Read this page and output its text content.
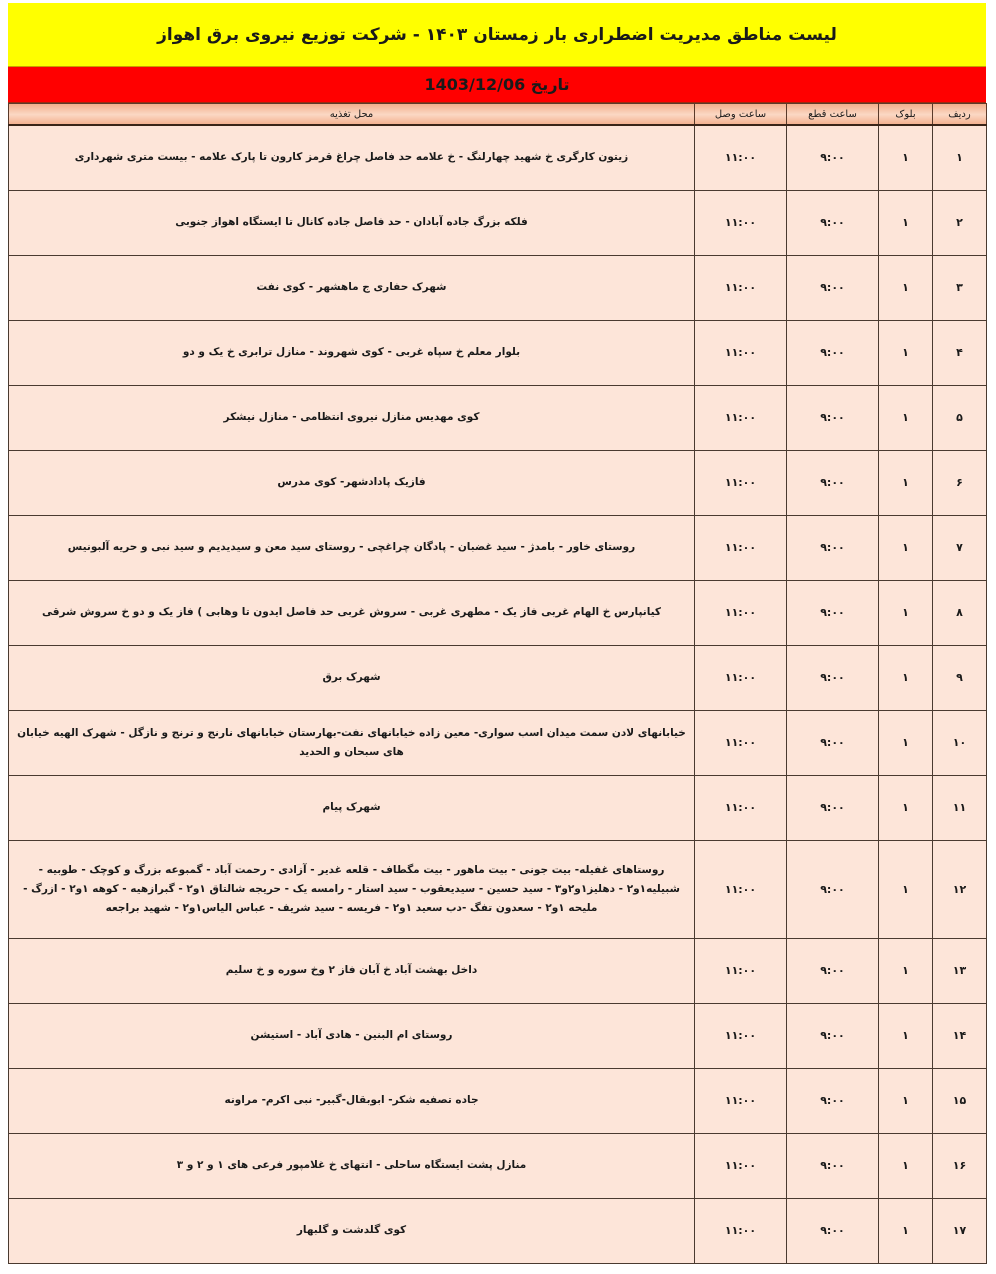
لیست مناطق مدیریت اضطراری بار زمستان ۱۴۰۳ - شرکت توزیع نیروی برق اهواز
تاریخ 1403/12/06
ردیف	بلوک	ساعت قطع	ساعت وصل	محل تغذیه
۱	۱	۹:۰۰	۱۱:۰۰	زیتون کارگری خ شهید چهارلنگ - خ علامه حد فاصل چراغ قرمز کارون تا پارک علامه - بیست متری شهرداری
۲	۱	۹:۰۰	۱۱:۰۰	فلکه بزرگ جاده آبادان - حد فاصل جاده کانال تا ایستگاه اهواز جنوبی
۳	۱	۹:۰۰	۱۱:۰۰	شهرک حفاری ج ماهشهر - کوی نفت
۴	۱	۹:۰۰	۱۱:۰۰	بلوار معلم خ سپاه غربی - کوی شهروند - منازل ترابری خ یک و دو
۵	۱	۹:۰۰	۱۱:۰۰	کوی مهدیس منازل نیروی انتظامی - منازل نیشکر
۶	۱	۹:۰۰	۱۱:۰۰	فازیک پادادشهر- کوی مدرس
۷	۱	۹:۰۰	۱۱:۰۰	روستای خاور - بامدژ - سید غضبان - پادگان چراغچی - روستای سید معن و سیدیدیم و سید نبی و حریه آلبونیس
۸	۱	۹:۰۰	۱۱:۰۰	کیانپارس خ الهام غربی فاز یک - مطهری غربی - سروش غربی حد فاصل ایدون تا وهابی ) فاز یک و دو خ سروش شرقی
۹	۱	۹:۰۰	۱۱:۰۰	شهرک برق
۱۰	۱	۹:۰۰	۱۱:۰۰	خیابانهای لادن سمت میدان اسب سواری- معین زاده خیابانهای نفت-بهارستان خیابانهای نارنج و ترنج و نازگل - شهرک الهیه خیابان های سبحان و الحدید
۱۱	۱	۹:۰۰	۱۱:۰۰	شهرک پیام
۱۲	۱	۹:۰۰	۱۱:۰۰	روستاهای غفیله- بیت جونی - بیت ماهور - بیت مگطاف - قلعه غدیر - آزادی - رحمت آباد - گمبوعه بزرگ و کوچک - طوبیه - شبیلیه۱و۲ - دهلیز۱و۲و۳ - سید حسین - سیدیعقوب - سید استار - رامسه یک - حریجه شالتاق ۱و۲ - گبرازهیه - کوهه ۱و۲ - ازرگ - ملیحه ۱و۲ - سعدون تفگ -دب سعید ۱و۲ - فریسه - سید شریف - عباس الیاس۱و۲ - شهید براجعه
۱۳	۱	۹:۰۰	۱۱:۰۰	داخل بهشت آباد خ آبان فاز ۲ وخ سوره و خ سلیم
۱۴	۱	۹:۰۰	۱۱:۰۰	روستای ام البنین - هادی آباد - استیشن
۱۵	۱	۹:۰۰	۱۱:۰۰	جاده تصفیه شکر- ابوبقال-گبیر- نبی اکرم- مراونه
۱۶	۱	۹:۰۰	۱۱:۰۰	منازل پشت ایستگاه ساحلی - انتهای خ غلامپور فرعی های ۱ و ۲ و ۳
۱۷	۱	۹:۰۰	۱۱:۰۰	کوی گلدشت و گلبهار
